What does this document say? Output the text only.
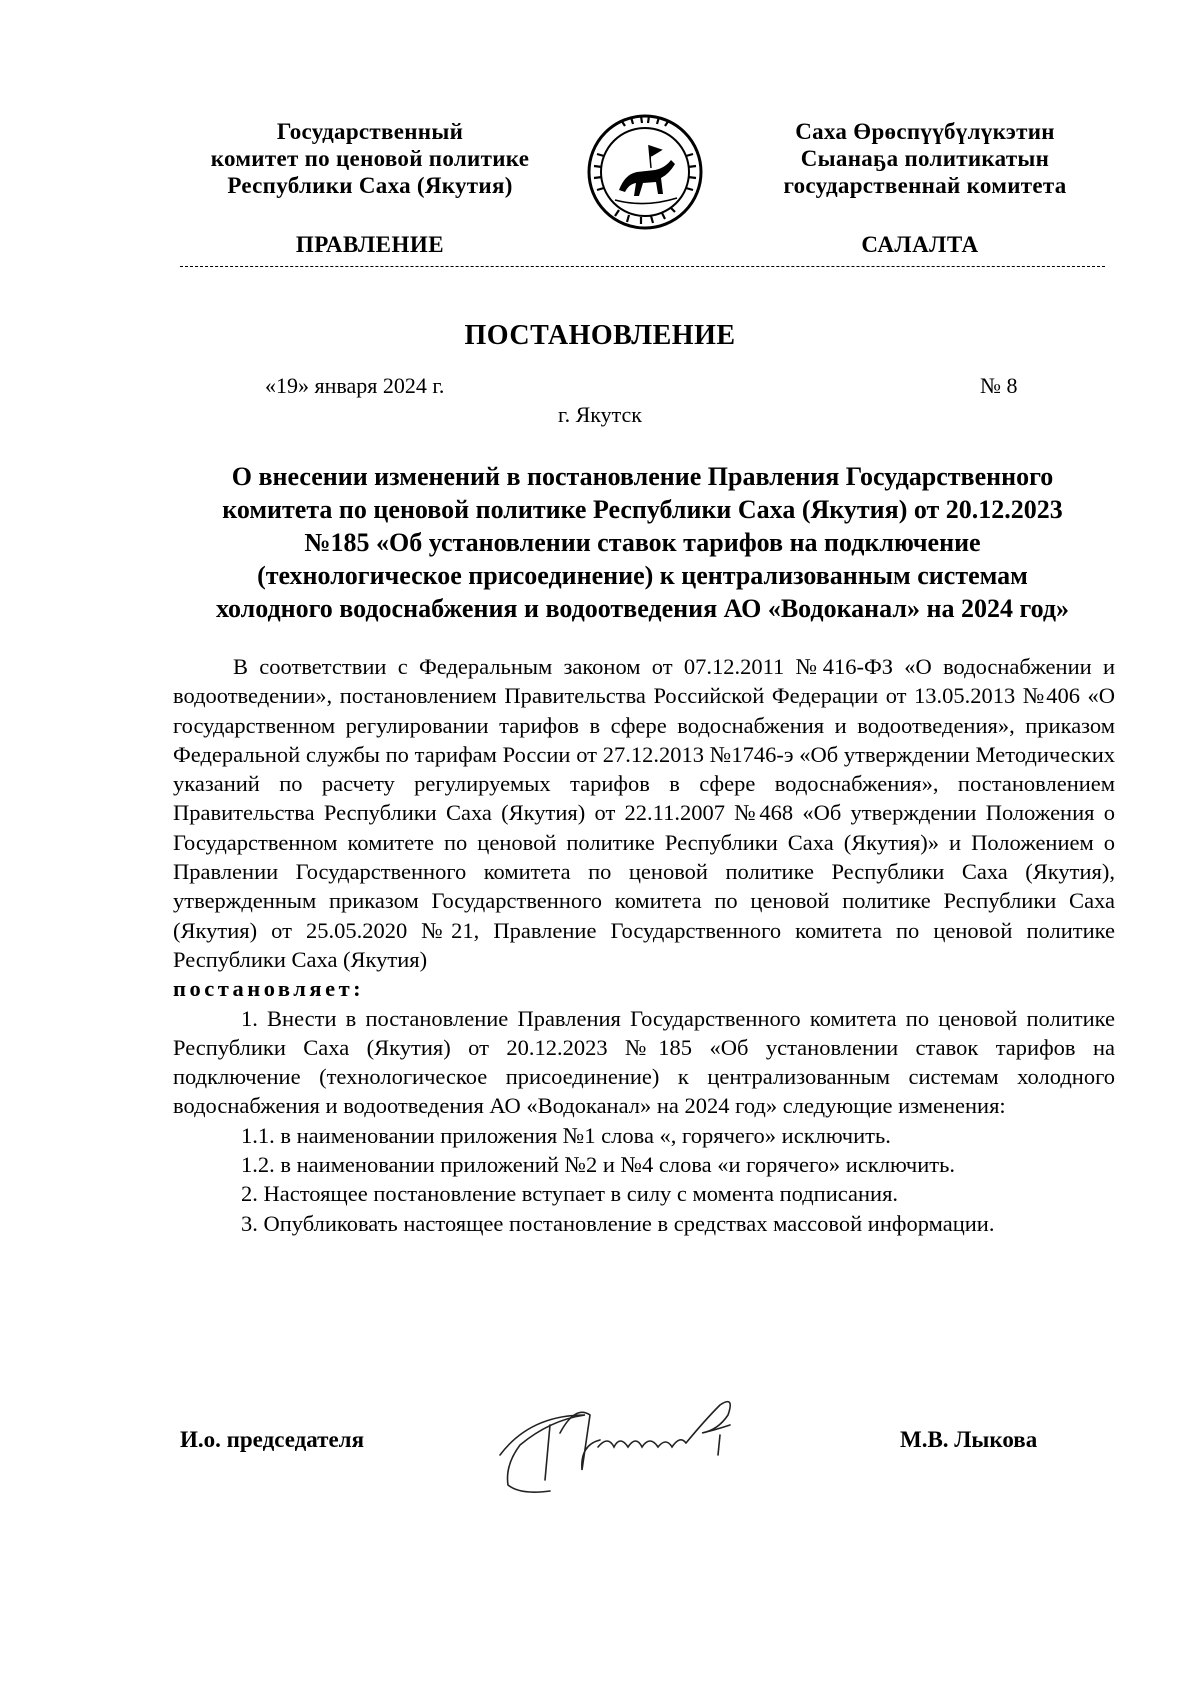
Государственный
комитет по ценовой политике
Республики Саха (Якутия)
Саха Өрөспүүбүлүкэтин
Сыанаҕа политикатын
государственнай комитета
ПРАВЛЕНИЕ	САЛАЛТА
ПОСТАНОВЛЕНИЕ
«19» января 2024 г.	№ 8
г. Якутск
О внесении изменений в постановление Правления Государственного
комитета по ценовой политике Республики Саха (Якутия) от 20.12.2023
№185 «Об установлении ставок тарифов на подключение
(технологическое присоединение) к централизованным системам
холодного водоснабжения и водоотведения АО «Водоканал» на 2024 год»

В соответствии с Федеральным законом от 07.12.2011 №416-ФЗ «О водоснабжении и водоотведении», постановлением Правительства Российской Федерации от 13.05.2013 №406 «О государственном регулировании тарифов в сфере водоснабжения и водоотведения», приказом Федеральной службы по тарифам России от 27.12.2013 №1746-э «Об утверждении Методических указаний по расчету регулируемых тарифов в сфере водоснабжения», постановлением Правительства Республики Саха (Якутия) от 22.11.2007 №468 «Об утверждении Положения о Государственном комитете по ценовой политике Республики Саха (Якутия)» и Положением о Правлении Государственного комитета по ценовой политике Республики Саха (Якутия), утвержденным приказом Государственного комитета по ценовой политике Республики Саха (Якутия) от 25.05.2020 №21, Правление Государственного комитета по ценовой политике Республики Саха (Якутия)

постановляет:

1. Внести в постановление Правления Государственного комитета по ценовой политике Республики Саха (Якутия) от 20.12.2023 №185 «Об установлении ставок тарифов на подключение (технологическое присоединение) к централизованным системам холодного водоснабжения и водоотведения АО «Водоканал» на 2024 год» следующие изменения:

1.1. в наименовании приложения №1 слова «, горячего» исключить.

1.2. в наименовании приложений №2 и №4 слова «и горячего» исключить.

2. Настоящее постановление вступает в силу с момента подписания.

3. Опубликовать настоящее постановление в средствах массовой информации.

И.о. председателя	М.В. Лыкова
